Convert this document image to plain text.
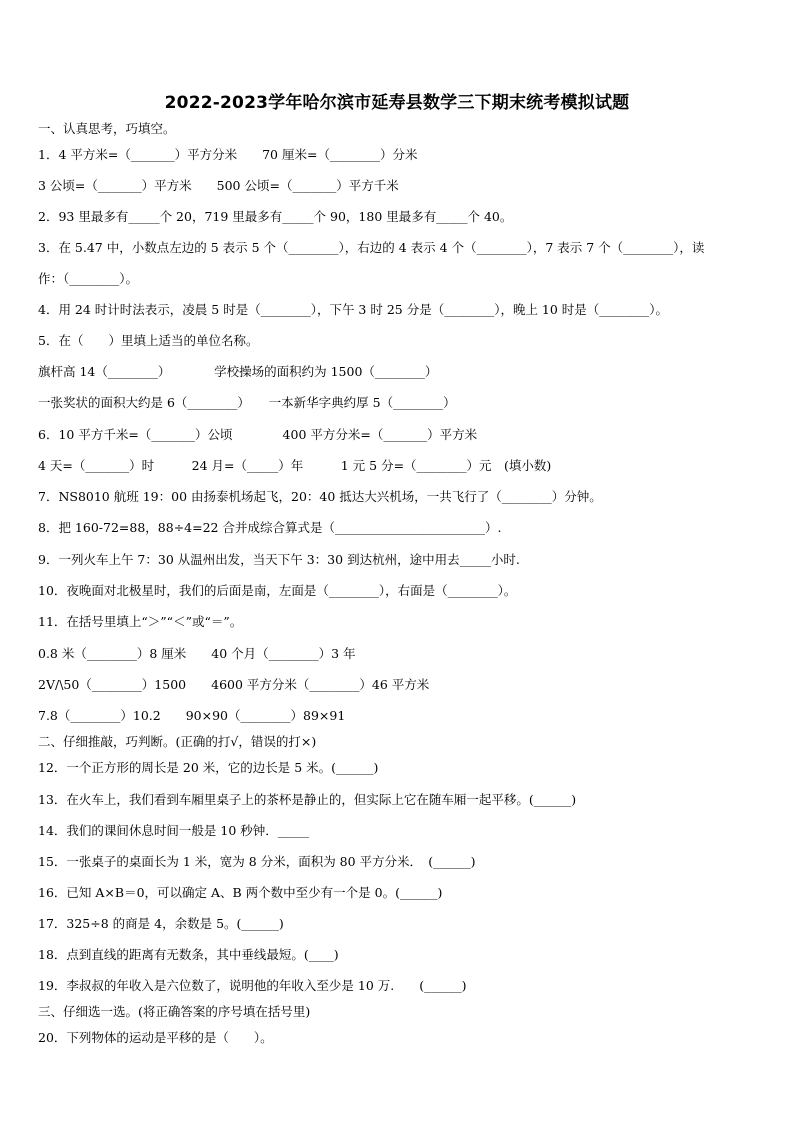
2022-2023学年哈尔滨市延寿县数学三下期末统考模拟试题
一、认真思考，巧填空。
1．4 平方米=（_______）平方分米　　70 厘米=（________）分米
3 公顷=（_______）平方米　　500 公顷=（_______）平方千米
2．93 里最多有_____个 20，719 里最多有_____个 90，180 里最多有_____个 40。
3．在 5.47 中，小数点左边的 5 表示 5 个（________），右边的 4 表示 4 个（________），7 表示 7 个（________），读
作：（________）。
4．用 24 时计时法表示，凌晨 5 时是（________），下午 3 时 25 分是（________），晚上 10 时是（________）。
5．在（　　）里填上适当的单位名称。
旗杆高 14（________）　　　　学校操场的面积约为 1500（________）
一张奖状的面积大约是 6（________）　　一本新华字典约厚 5（________）
6．10 平方千米=（_______）公顷　　　　400 平方分米=（_______）平方米
4 天=（_______）时　　　24 月=（_____）年　　　1 元 5 分=（________）元　(填小数)
7．NS8010 航班 19：00 由扬泰机场起飞，20：40 抵达大兴机场，一共飞行了（________）分钟。
8．把 160-72=88，88÷4=22 合并成综合算式是（________________________）.
9．一列火车上午 7：30 从温州出发，当天下午 3：30 到达杭州，途中用去_____小时.
10．夜晚面对北极星时，我们的后面是南，左面是（________），右面是（________）。
11．在括号里填上“＞”“＜”或“＝”。
0.8 米（________）8 厘米　　40 个月（________）3 年
2V/\50（________）1500　　4600 平方分米（________）46 平方米
7.8（________）10.2　　90×90（________）89×91
二、仔细推敲，巧判断。(正确的打√，错误的打×)
12．一个正方形的周长是 20 米，它的边长是 5 米。(______)
13．在火车上，我们看到车厢里桌子上的茶杯是静止的，但实际上它在随车厢一起平移。(______)
14．我们的课间休息时间一般是 10 秒钟．_____
15．一张桌子的桌面长为 1 米，宽为 8 分米，面积为 80 平方分米．　(______)
16．已知 A×B＝0，可以确定 A、B 两个数中至少有一个是 0。(______)
17．325÷8 的商是 4，余数是 5。(______)
18．点到直线的距离有无数条，其中垂线最短。(____)
19．李叔叔的年收入是六位数了，说明他的年收入至少是 10 万.　　(______)
三、仔细选一选。(将正确答案的序号填在括号里)
20．下列物体的运动是平移的是（　　）。
